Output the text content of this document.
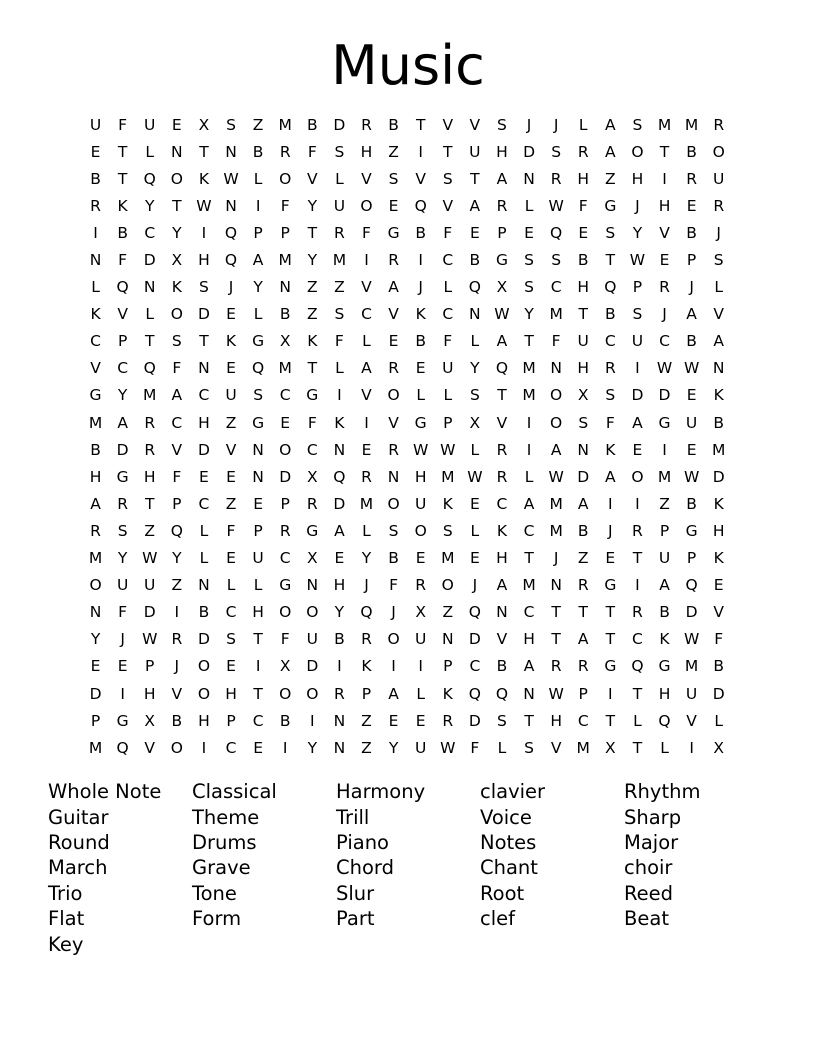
Music
U	F	U	E	X	S	Z M B	D	R	B	T	V	V	S	J	J	L	A	S M M R
E	T	L	N	T	N	B	R	F	S	H	Z	I	T	U	H D	S	R	A	O	T	B	O
B	T	Q O	K W L	O	V	L	V	S	V	S	T	A	N	R	H	Z	H	I	R	U
R	K	Y	T W N	I	F	Y	U O	E	Q	V	A	R	L W F	G	J	H	E	R
I	B	C	Y	I	Q	P	P	T	R	F	G	B	F	E	P	E	Q	E	S	Y	V	B	J
N	F	D	X	H Q	A M	Y	M	I	R	I	C	B	G	S	S	B	T W E	P	S
L	Q N	K	S	J	Y	N	Z	Z	V	A	J	L	Q	X	S	C	H Q	P	R	J	L
K	V	L	O D	E	L	B	Z	S	C	V	K	C	N W Y	M	T	B	S	J	A	V
C	P	T	S	T	K	G	X	K	F	L	E	B	F	L	A	T	F	U	C	U	C	B	A
V	C	Q	F	N	E	Q M	T	L	A	R	E	U	Y	Q M N H	R	I	W W N
G	Y	M A	C	U	S	C	G	I	V	O	L	L	S	T	M O	X	S	D D	E	K
M A	R	C	H	Z	G	E	F	K	I	V	G	P	X	V	I	O	S	F	A	G U	B
B	D	R	V	D	V	N O	C	N	E	R W W L	R	I	A	N	K	E	I	E	M
H G H	F	E	E	N D	X	Q	R	N H M W R	L W D	A	O M W D
A	R	T	P	C	Z	E	P	R	D M O U	K	E	C	A M A	I	I	Z	B	K
R	S	Z	Q	L	F	P	R	G	A	L	S	O	S	L	K	C M B	J	R	P	G H
M	Y W Y	L	E	U	C	X	E	Y	B	E	M	E	H	T	J	Z	E	T	U	P	K
O U	U	Z	N	L	L	G N H	J	F	R	O	J	A M N	R	G	I	A	Q	E
N	F	D	I	B	C	H O O	Y	Q	J	X	Z	Q N	C	T	T	T	R	B	D	V
Y	J	W R	D	S	T	F	U	B	R	O U	N D	V	H	T	A	T	C	K W F
E	E	P	J	O	E	I	X	D	I	K	I	I	P	C	B	A	R	R	G Q G M B
D	I	H	V	O H	T	O O	R	P	A	L	K	Q Q N W P	I	T	H	U D
P	G	X	B	H	P	C	B	I	N	Z	E	E	R	D	S	T	H	C	T	L	Q	V	L
M Q	V	O	I	C	E	I	Y	N	Z	Y	U W F	L	S	V M X	T	L	I	X
Whole Note	Classical	Harmony	clavier	Rhythm
Guitar	Theme	Trill	Voice	Sharp
Round	Drums	Piano	Notes	Major
March	Grave	Chord	Chant	choir
Trio	Tone	Slur	Root	Reed
Flat	Form	Part	clef	Beat
Key
